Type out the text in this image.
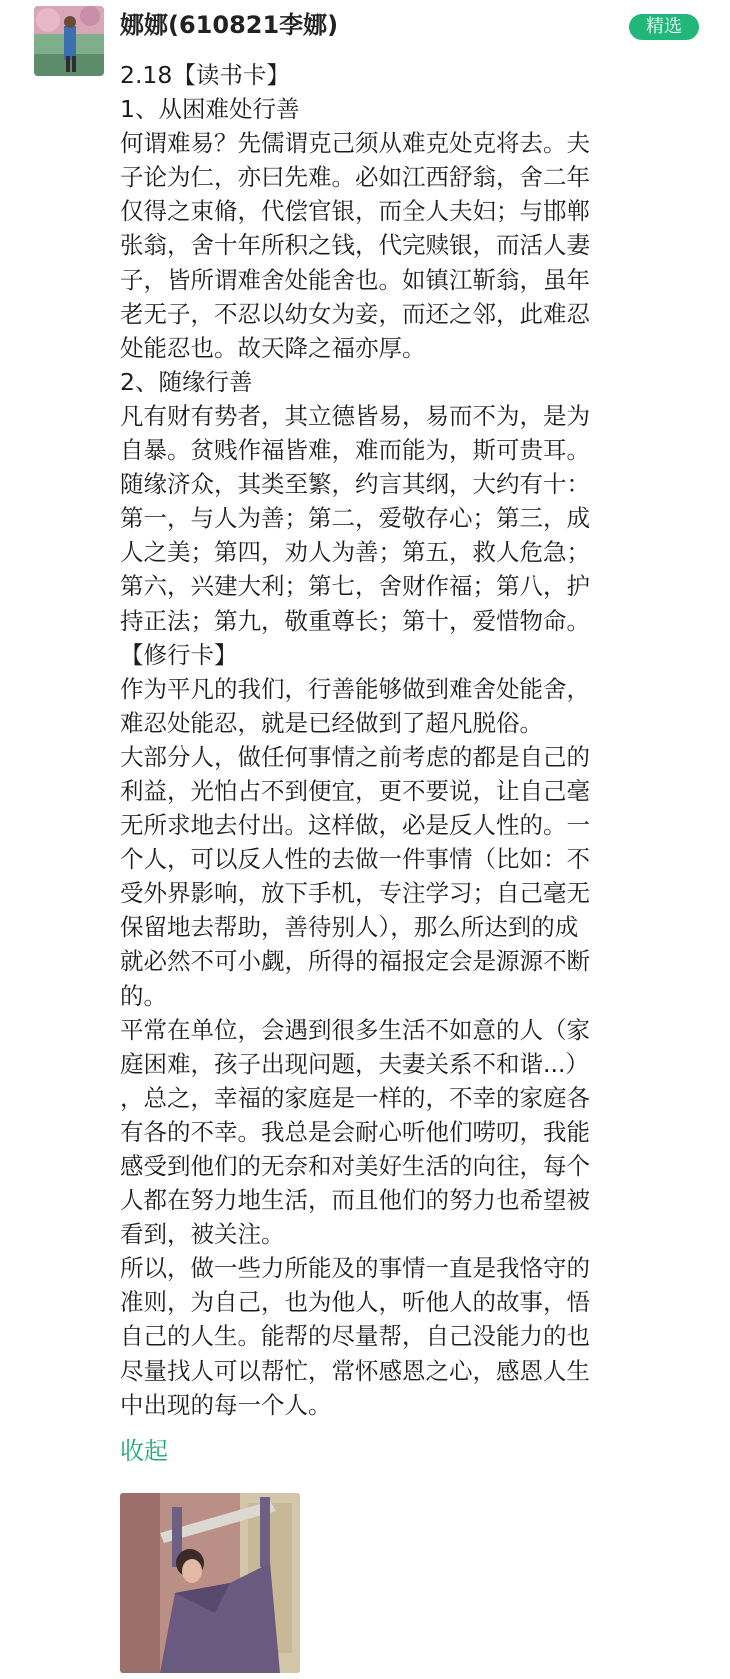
娜娜(610821李娜)	精选
2.18【读书卡】
1、从困难处行善
何谓难易？先儒谓克己须从难克处克将去。夫
子论为仁，亦曰先难。必如江西舒翁，舍二年
仅得之束脩，代偿官银，而全人夫妇；与邯郸
张翁，舍十年所积之钱，代完赎银，而活人妻
子，皆所谓难舍处能舍也。如镇江靳翁，虽年
老无子，不忍以幼女为妾，而还之邻，此难忍
处能忍也。故天降之福亦厚。
2、随缘行善
凡有财有势者，其立德皆易，易而不为，是为
自暴。贫贱作福皆难，难而能为，斯可贵耳。
随缘济众，其类至繁，约言其纲，大约有十：
第一，与人为善；第二，爱敬存心；第三，成
人之美；第四，劝人为善；第五，救人危急；
第六，兴建大利；第七，舍财作福；第八，护
持正法；第九，敬重尊长；第十，爱惜物命。
【修行卡】
作为平凡的我们，行善能够做到难舍处能舍，
难忍处能忍，就是已经做到了超凡脱俗。
大部分人，做任何事情之前考虑的都是自己的
利益，光怕占不到便宜，更不要说，让自己毫
无所求地去付出。这样做，必是反人性的。一
个人，可以反人性的去做一件事情（比如：不
受外界影响，放下手机，专注学习；自己毫无
保留地去帮助，善待别人），那么所达到的成
就必然不可小觑，所得的福报定会是源源不断
的。
平常在单位，会遇到很多生活不如意的人（家
庭困难，孩子出现问题，夫妻关系不和谐...）
，总之，幸福的家庭是一样的，不幸的家庭各
有各的不幸。我总是会耐心听他们唠叨，我能
感受到他们的无奈和对美好生活的向往，每个
人都在努力地生活，而且他们的努力也希望被
看到，被关注。
所以，做一些力所能及的事情一直是我恪守的
准则，为自己，也为他人，听他人的故事，悟
自己的人生。能帮的尽量帮，自己没能力的也
尽量找人可以帮忙，常怀感恩之心，感恩人生
中出现的每一个人。
收起
